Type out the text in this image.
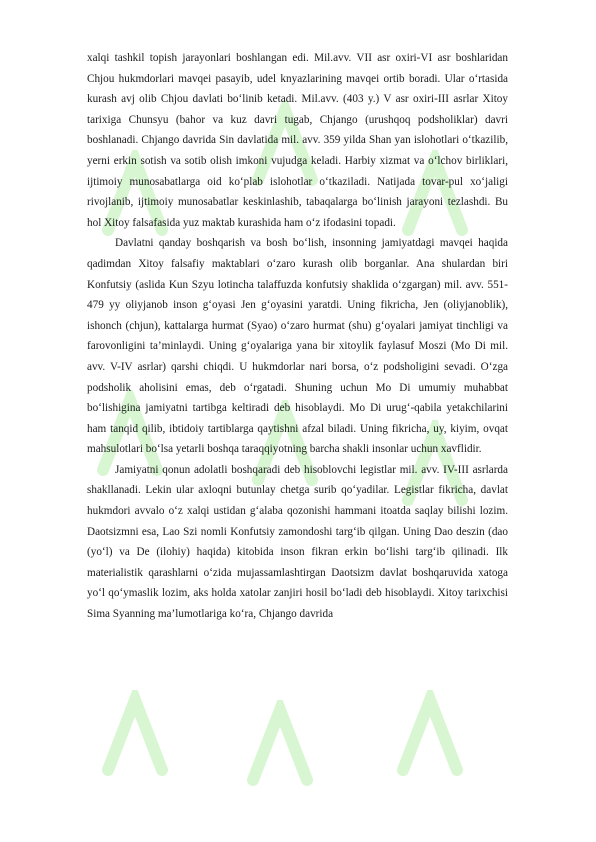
xalqi tashkil topish jarayonlari boshlangan edi. Mil.avv. VII asr oxiri-VI asr boshlaridan Chjou hukmdorlari mavqei pasayib, udel knyazlarining mavqei ortib boradi. Ular o‘rtasida kurash avj olib Chjou davlati bo‘linib ketadi. Mil.avv. (403 y.) V asr oxiri-III asrlar Xitoy tarixiga Chunsyu (bahor va kuz davri tugab, Chjango (urushqoq podsholiklar) davri boshlanadi. Chjango davrida Sin davlatida mil. avv. 359 yilda Shan yan islohotlari o‘tkazilib, yerni erkin sotish va sotib olish imkoni vujudga keladi. Harbiy xizmat va o‘lchov birliklari, ijtimoiy munosabatlarga oid ko‘plab islohotlar o‘tkaziladi. Natijada tovar-pul xo‘jaligi rivojlanib, ijtimoiy munosabatlar keskinlashib, tabaqalarga bo‘linish jarayoni tezlashdi. Bu hol Xitoy falsafasida yuz maktab kurashida ham o‘z ifodasini topadi.

Davlatni qanday boshqarish va bosh bo‘lish, insonning jamiyatdagi mavqei haqida qadimdan Xitoy falsafiy maktablari o‘zaro kurash olib borganlar. Ana shulardan biri Konfutsiy (aslida Kun Szyu lotincha talaffuzda konfutsiy shaklida o‘zgargan) mil. avv. 551-479 yy oliyjanob inson g‘oyasi Jen g‘oyasini yaratdi. Uning fikricha, Jen (oliyjanoblik), ishonch (chjun), kattalarga hurmat (Syao) o‘zaro hurmat (shu) g‘oyalari jamiyat tinchligi va farovonligini ta’minlaydi. Uning g‘oyalariga yana bir xitoylik faylasuf Moszi (Mo Di mil. avv. V-IV asrlar) qarshi chiqdi. U hukmdorlar nari borsa, o‘z podsholigini sevadi. O‘zga podsholik aholisini emas, deb o‘rgatadi. Shuning uchun Mo Di umumiy muhabbat bo‘lishigina jamiyatni tartibga keltiradi deb hisoblaydi. Mo Di urug‘-qabila yetakchilarini ham tanqid qilib, ibtidoiy tartiblarga qaytishni afzal biladi. Uning fikricha, uy, kiyim, ovqat mahsulotlari bo‘lsa yetarli boshqa taraqqiyotning barcha shakli insonlar uchun xavflidir.

Jamiyatni qonun adolatli boshqaradi deb hisoblovchi legistlar mil. avv. IV-III asrlarda shakllanadi. Lekin ular axloqni butunlay chetga surib qo‘yadilar. Legistlar fikricha, davlat hukmdori avvalo o‘z xalqi ustidan g‘alaba qozonishi hammani itoatda saqlay bilishi lozim. Daotsizmni esa, Lao Szi nomli Konfutsiy zamondoshi targ‘ib qilgan. Uning Dao deszin (dao (yo‘l) va De (ilohiy) haqida) kitobida inson fikran erkin bo‘lishi targ‘ib qilinadi. Ilk materialistik qarashlarni o‘zida mujassamlashtirgan Daotsizm davlat boshqaruvida xatoga yo‘l qo‘ymaslik lozim, aks holda xatolar zanjiri hosil bo‘ladi deb hisoblaydi. Xitoy tarixchisi Sima Syanning ma’lumotlariga ko‘ra, Chjango davrida
